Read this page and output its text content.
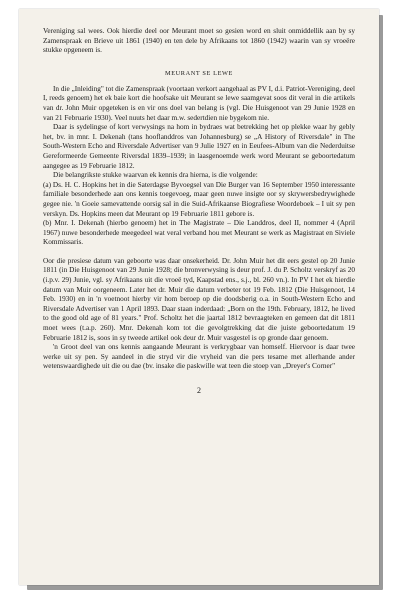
Vereniging sal wees. Ook hierdie deel oor Meurant moet so gesien word en sluit onmiddellik aan by sy Zamenspraak en Brieve uit 1861 (1940) en ten dele by Afrikaans tot 1860 (1942) waarin van sy vroeëre stukke opgeneem is.

MEURANT SE LEWE

In die „Inleiding" tot die Zamenspraak (voortaan verkort aangehaal as PV I, d.i. Patriot-Vereniging, deel I, reeds genoem) het ek baie kort die hoofsake uit Meurant se lewe saamgevat soos dit veral in die artikels van dr. John Muir opgeteken is en vir ons doel van belang is (vgl. Die Huisgenoot van 29 Junie 1928 en van 21 Februarie 1930). Veel nuuts het daar m.w. sedertdien nie bygekom nie.

Daar is sydelingse of kort verwysings na hom in bydraes wat betrekking het op plekke waar hy gebly het, bv. in mnr. I. Dekenah (tans hooflanddros van Johannesburg) se „A History of Riversdale" in The South-Western Echo and Riversdale Advertiser van 9 Julie 1927 en in Eeufees-Album van die Nederduitse Gereformeerde Gemeente Riversdal 1839–1939; in laasgenoemde werk word Meurant se geboortedatum aangegee as 19 Februarie 1812.

Die belangrikste stukke waarvan ek kennis dra hierna, is die volgende:

(a) Ds. H. C. Hopkins het in die Saterdagse Byvoegsel van Die Burger van 16 September 1950 interessante familiale besonderhede aan ons kennis toegevoeg, maar geen nuwe insigte oor sy skrywersbedrywighede gegee nie. 'n Goeie samevattende oorsig sal in die Suid-Afrikaanse Biografiese Woordeboek – I uit sy pen verskyn. Ds. Hopkins meen dat Meurant op 19 Februarie 1811 gebore is.

(b) Mnr. I. Dekenah (hierbo genoem) het in The Magistrate – Die Landdros, deel II, nommer 4 (April 1967) nuwe besonderhede meegedeel wat veral verband hou met Meurant se werk as Magistraat en Siviele Kommissaris.

Oor die presiese datum van geboorte was daar onsekerheid. Dr. John Muir het dit eers gestel op 20 Junie 1811 (in Die Huisgenoot van 29 Junie 1928; die bronverwysing is deur prof. J. du P. Scholtz verskryf as 20 (i.p.v. 29) Junie, vgl. sy Afrikaans uit die vroeë tyd, Kaapstad ens., s.j., bl. 260 vn.). In PV I het ek hierdie datum van Muir oorgeneem. Later het dr. Muir die datum verbeter tot 19 Feb. 1812 (Die Huisgenoot, 14 Feb. 1930) en in 'n voetnoot hierby vir hom beroep op die doodsberig o.a. in South-Western Echo and Riversdale Advertiser van 1 April 1893. Daar staan inderdaad: „Born on the 19th. February, 1812, he lived to the good old age of 81 years." Prof. Scholtz het die jaartal 1812 bevraagteken en gemeen dat dit 1811 moet wees (t.a.p. 260). Mnr. Dekenah kom tot die gevolgtrekking dat die juiste geboortedatum 19 Februarie 1812 is, soos in sy tweede artikel ook deur dr. Muir vasgestel is op gronde daar genoem.

'n Groot deel van ons kennis aangaande Meurant is verkrygbaar van homself. Hiervoor is daar twee werke uit sy pen. Sy aandeel in die stryd vir die vryheid van die pers tesame met allerhande ander wetenswaardighede uit die ou dae (bv. insake die paskwille wat teen die stoep van „Dreyer's Corner"

2
